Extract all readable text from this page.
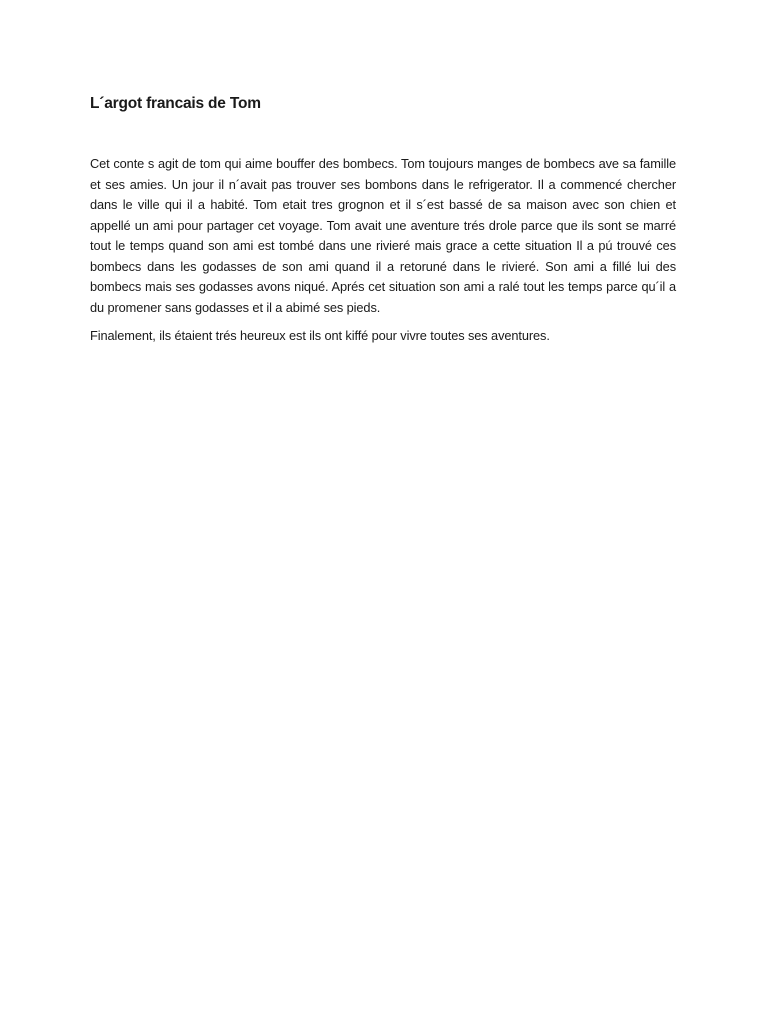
L´argot francais de Tom

Cet conte s agit de tom qui aime bouffer des bombecs. Tom toujours manges de bombecs ave sa famille et ses amies. Un jour il n´avait pas trouver ses bombons dans le refrigerator. Il a commencé chercher dans le ville qui il a habité. Tom etait tres grognon et il s´est bassé de sa maison avec son chien et appellé un ami pour partager cet voyage. Tom avait une aventure trés drole parce que ils sont se marré tout le temps quand son ami est tombé dans une rivieré mais grace a cette situation Il a pú trouvé ces bombecs dans les godasses de son ami quand il a retoruné dans le rivieré. Son ami a fillé lui des bombecs mais ses godasses avons niqué. Aprés cet situation son ami a ralé tout les temps parce qu´il a du promener sans godasses et il a abimé ses pieds.

Finalement, ils étaient trés heureux est ils ont kiffé pour vivre toutes ses aventures.
